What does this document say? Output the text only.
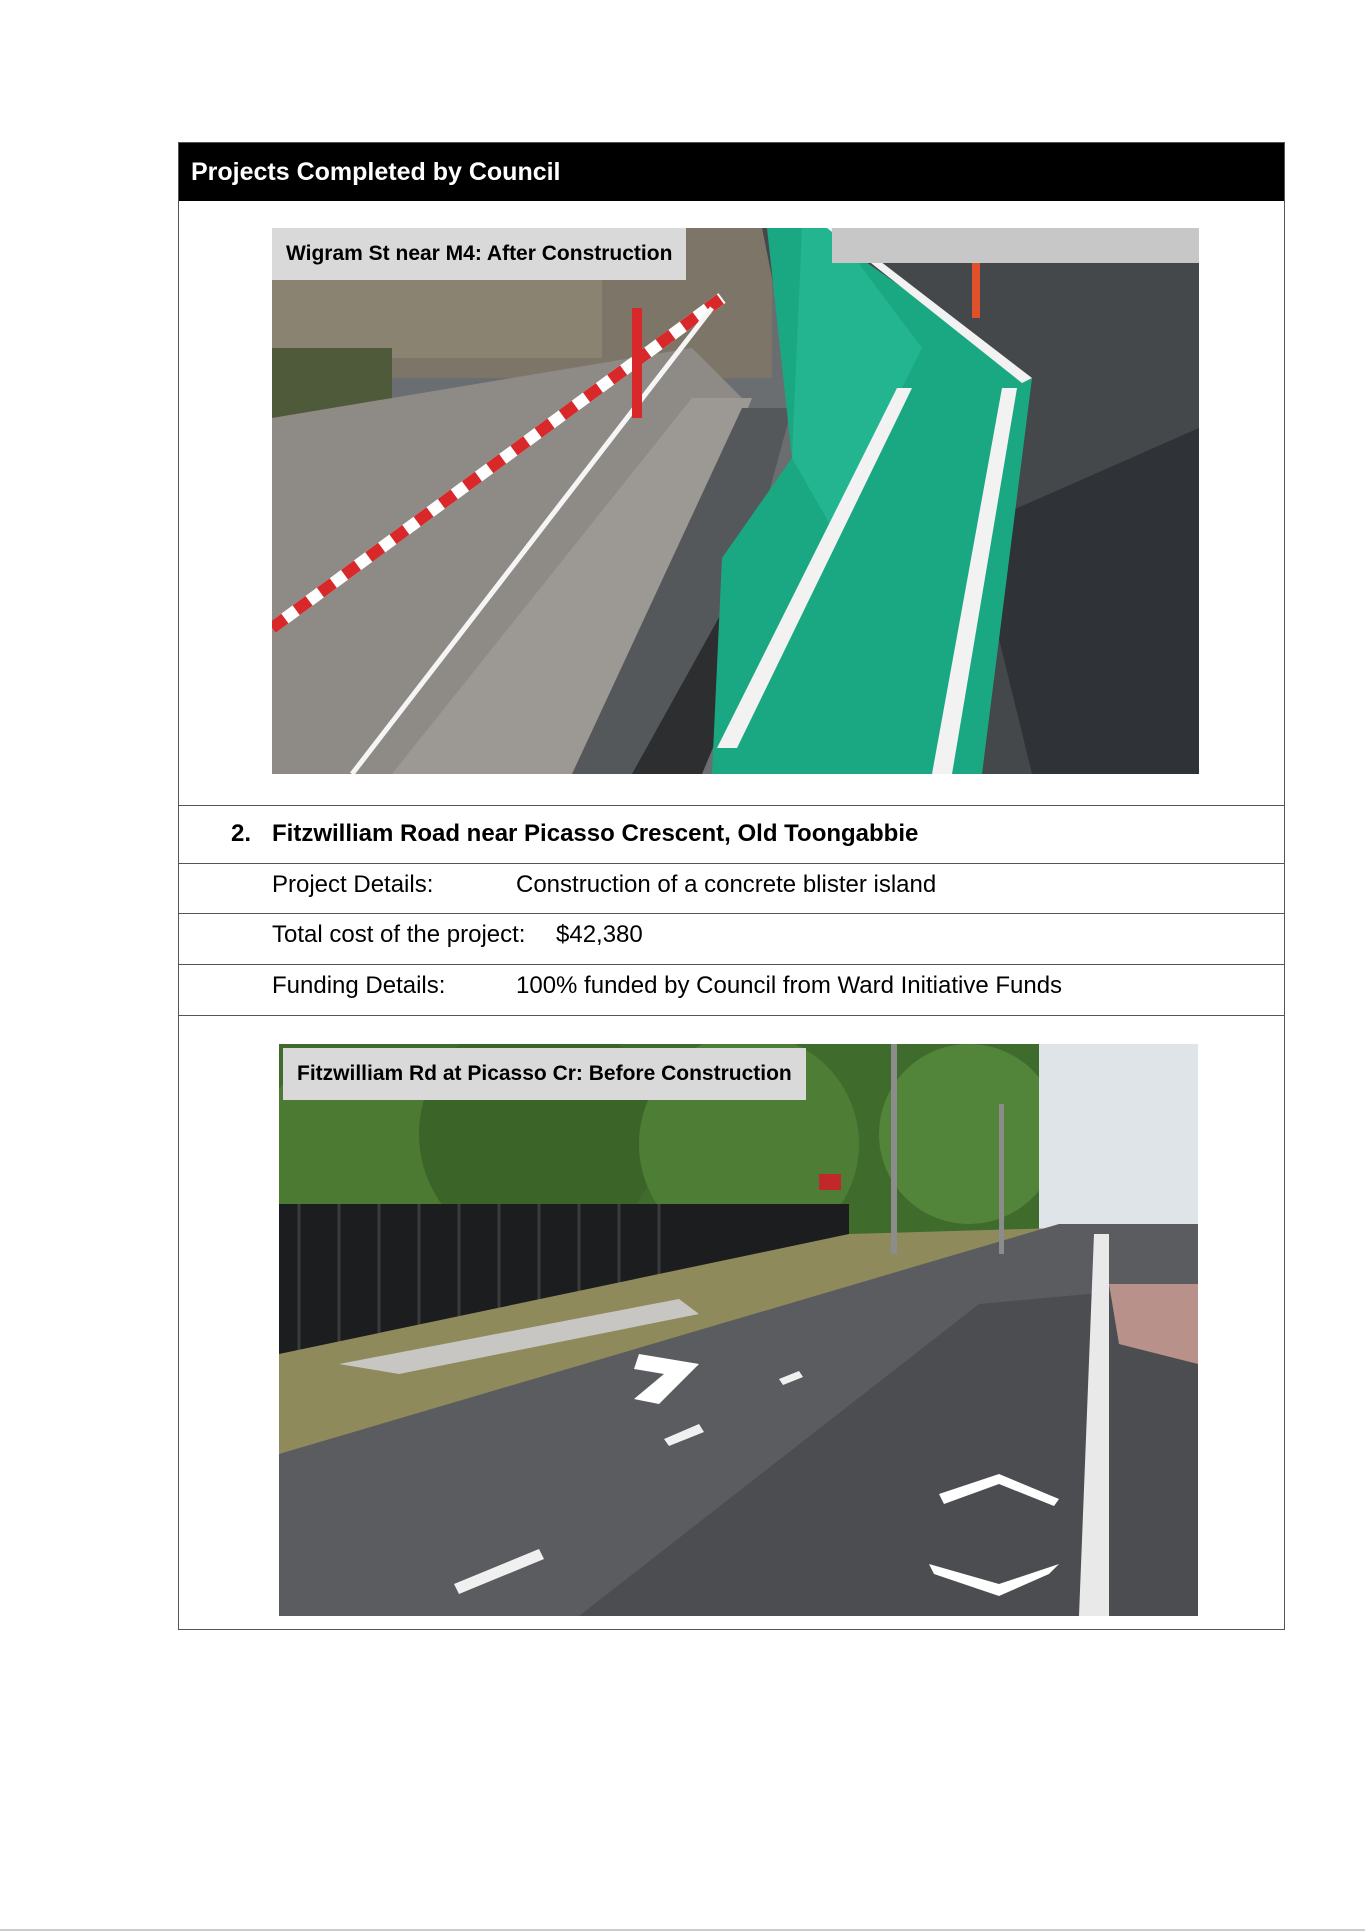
Projects Completed by Council
Wigram St near M4: After Construction
2. Fitzwilliam Road near Picasso Crescent, Old Toongabbie
Project Details:	Construction of a concrete blister island
Total cost of the project: $42,380
Funding Details:	100% funded by Council from Ward Initiative Funds
Fitzwilliam Rd at Picasso Cr: Before Construction
